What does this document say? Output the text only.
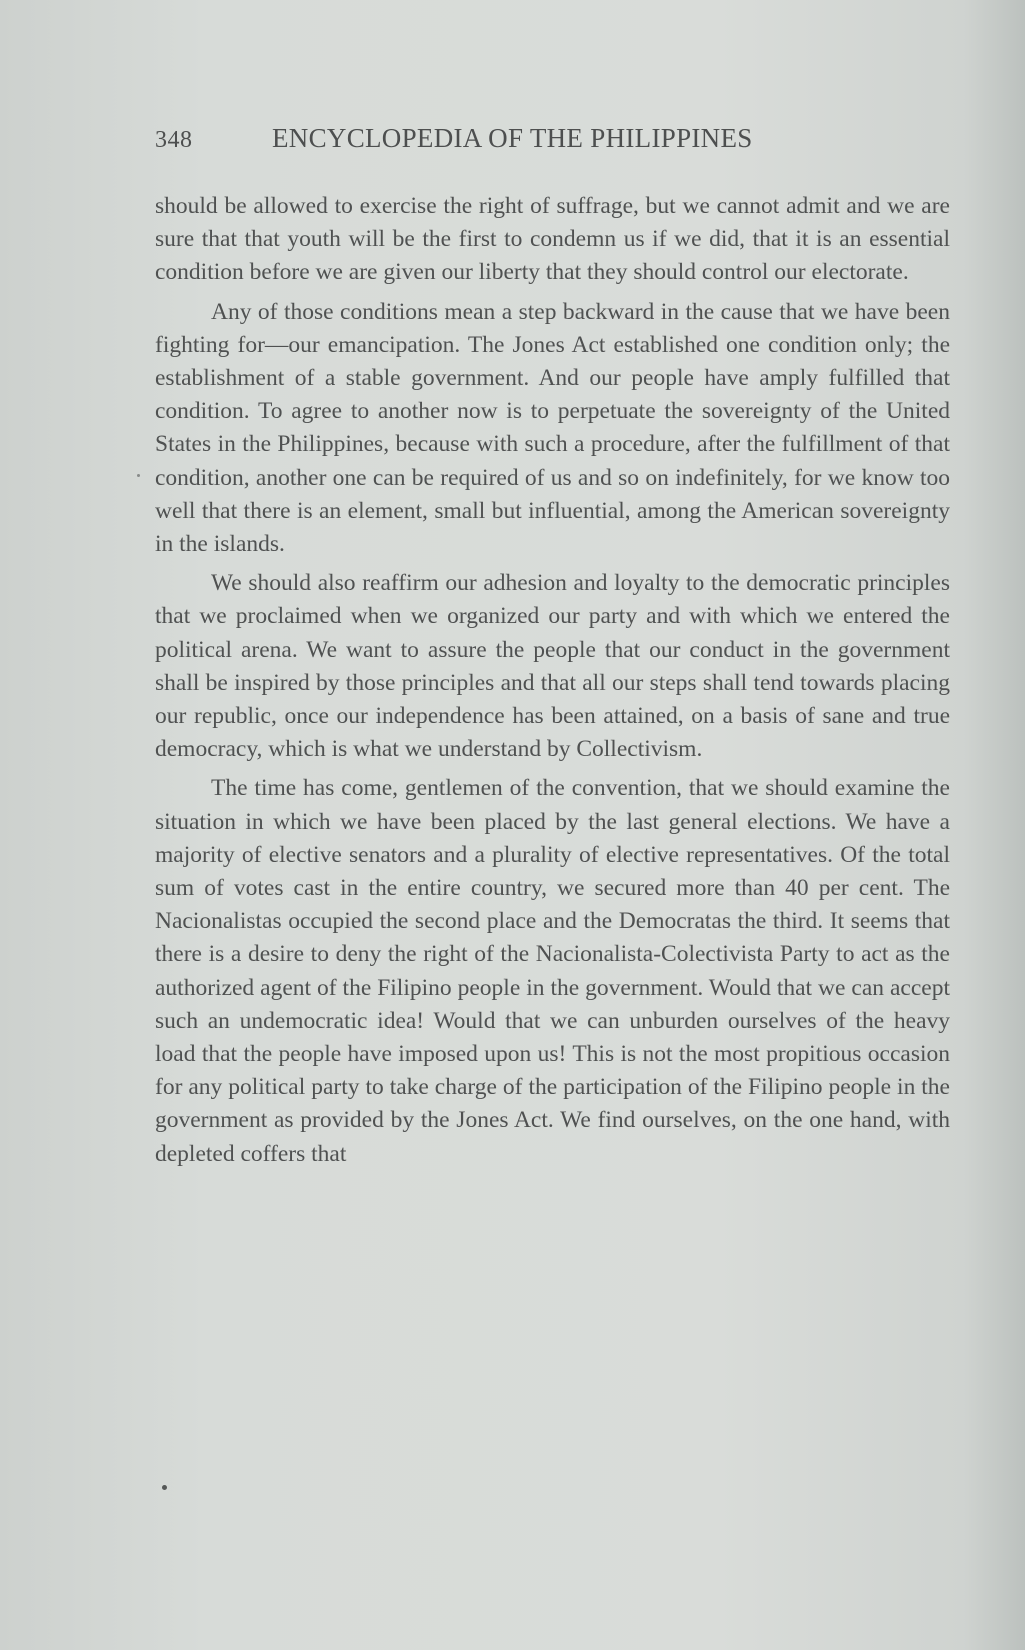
348	ENCYCLOPEDIA OF THE PHILIPPINES

should be allowed to exercise the right of suffrage, but we cannot admit and we are sure that that youth will be the first to condemn us if we did, that it is an essential condition before we are given our liberty that they should control our electorate.

Any of those conditions mean a step backward in the cause that we have been fighting for—our emancipation. The Jones Act established one condition only; the establishment of a stable government. And our people have amply fulfilled that condition. To agree to another now is to perpetuate the sovereignty of the United States in the Philippines, because with such a procedure, after the fulfillment of that condition, another one can be required of us and so on indefinitely, for we know too well that there is an element, small but influential, among the American sovereignty in the islands.

We should also reaffirm our adhesion and loyalty to the democratic principles that we proclaimed when we organized our party and with which we entered the political arena. We want to assure the people that our conduct in the government shall be inspired by those principles and that all our steps shall tend towards placing our republic, once our independence has been attained, on a basis of sane and true democracy, which is what we understand by Collectivism.

The time has come, gentlemen of the convention, that we should examine the situation in which we have been placed by the last general elections. We have a majority of elective senators and a plurality of elective representatives. Of the total sum of votes cast in the entire country, we secured more than 40 per cent. The Nacionalistas occupied the second place and the Democratas the third. It seems that there is a desire to deny the right of the Nacionalista-Colectivista Party to act as the authorized agent of the Filipino people in the government. Would that we can accept such an undemocratic idea! Would that we can unburden ourselves of the heavy load that the people have imposed upon us! This is not the most propitious occasion for any political party to take charge of the participation of the Filipino people in the government as provided by the Jones Act. We find ourselves, on the one hand, with depleted coffers that
